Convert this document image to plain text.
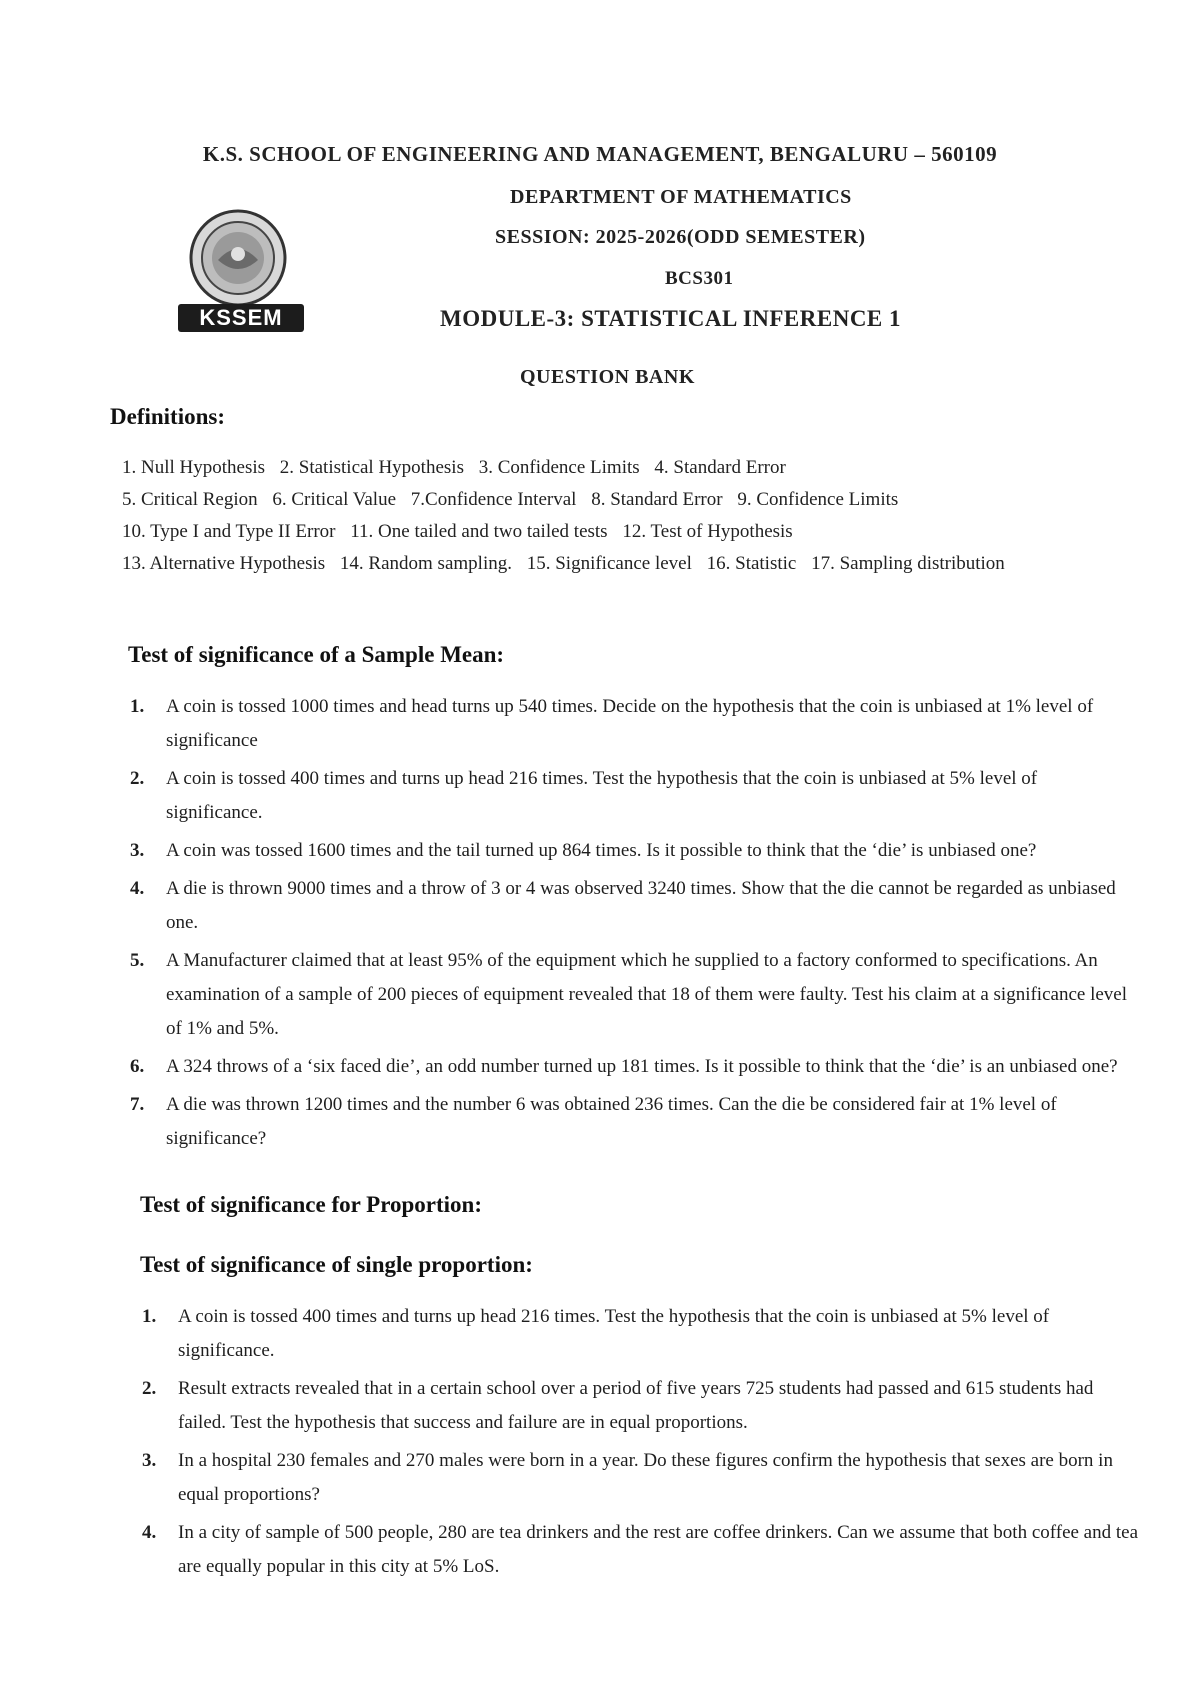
K.S. SCHOOL OF ENGINEERING AND MANAGEMENT, BENGALURU – 560109
DEPARTMENT OF MATHEMATICS
SESSION: 2025-2026(ODD SEMESTER)
BCS301
MODULE-3: STATISTICAL INFERENCE 1
QUESTION BANK
KSSEM
Definitions:
1. Null Hypothesis 2. Statistical Hypothesis 3. Confidence Limits 4. Standard Error
5. Critical Region 6. Critical Value 7.Confidence Interval 8. Standard Error 9. Confidence Limits
10. Type I and Type II Error 11. One tailed and two tailed tests 12. Test of Hypothesis
13. Alternative Hypothesis 14. Random sampling. 15. Significance level 16. Statistic 17. Sampling distribution
Test of significance of a Sample Mean:
1. A coin is tossed 1000 times and head turns up 540 times. Decide on the hypothesis that the coin is unbiased at 1% level of significance
2. A coin is tossed 400 times and turns up head 216 times. Test the hypothesis that the coin is unbiased at 5% level of significance.
3. A coin was tossed 1600 times and the tail turned up 864 times. Is it possible to think that the ‘die’ is unbiased one?
4. A die is thrown 9000 times and a throw of 3 or 4 was observed 3240 times. Show that the die cannot be regarded as unbiased one.
5. A Manufacturer claimed that at least 95% of the equipment which he supplied to a factory conformed to specifications. An examination of a sample of 200 pieces of equipment revealed that 18 of them were faulty. Test his claim at a significance level of 1% and 5%.
6. A 324 throws of a ‘six faced die’, an odd number turned up 181 times. Is it possible to think that the ‘die’ is an unbiased one?
7. A die was thrown 1200 times and the number 6 was obtained 236 times. Can the die be considered fair at 1% level of significance?
Test of significance for Proportion:
Test of significance of single proportion:
1. A coin is tossed 400 times and turns up head 216 times. Test the hypothesis that the coin is unbiased at 5% level of significance.
2. Result extracts revealed that in a certain school over a period of five years 725 students had passed and 615 students had failed. Test the hypothesis that success and failure are in equal proportions.
3. In a hospital 230 females and 270 males were born in a year. Do these figures confirm the hypothesis that sexes are born in equal proportions?
4. In a city of sample of 500 people, 280 are tea drinkers and the rest are coffee drinkers. Can we assume that both coffee and tea are equally popular in this city at 5% LoS.
